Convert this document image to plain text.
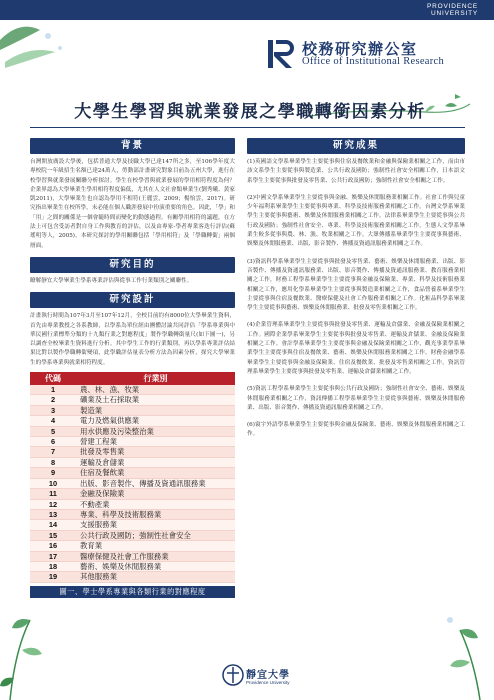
PROVIDENCE
UNIVERSITY
校務研究辦公室
Office of Institutional Research
大學生學習與就業發展之學職轉銜因素分析
背景
台灣開放廣設大學後，包括普通大學及技職大學已達147所之多，至106學年度大專校院一年級招生名額已達24萬人，勞動部計畫研究對象目前為五州大學，進行在校學習與就業發展關聯分析探討。學生在校學習與就業發展的學用相符程度為何？企業界認為大學畢業生學用相符程度偏低，尤其在人文社會類畢業生(劉秀曦、黃家凱2011)，大學畢業生也自認為學用不相符(王麗雲，2009；楊怡雲，2017)。研究指出畢業生在校所學，未必能在個人職涯發展中扮演重要的角色。因此，「學」和「用」之間的關係是一個會隨時間而變化的動態過程。有關學用相符的議題，在方法上可包含受訪者對自身工作與教育的評估，以及由專家-學者專業客迭行評估(蘇瑤明等人，2005)。本研究探討的學用關聯包括「學用相符」及「學職轉銜」兩個層面。
研究目的
瞭解靜宜大學畢業生學系專業評估與從事工作行業類別之關聯性。
研究設計
計畫執行時間為107年3月至107年12月，全校目前約有8000位大學畢業生資料，首先由專業教授之各系教師，以學系為單位經由團體討論共同評估「學系專業與中華民國行業標準分類的十九類行業之對應程度」製作學職轉銜量尺(如下圖一)，另以調查全校畢業生資料進行分析。其中學生工作的行業類別，再以學系專業評估結果比對以製作學職轉銜變項，此學職評估量表分析方法為因素分析，探究大學畢業生的學系專業與就業相符程度。
代碼	行業別
1	農、林、漁、牧業
2	礦業及土石採取業
3	製造業
4	電力及燃氣供應業
5	用水供應及污染整治業
6	營建工程業
7	批發及零售業
8	運輸及倉儲業
9	住宿及餐飲業
10	出版、影音製作、傳播及資通訊服務業
11	金融及保險業
12	不動產業
13	專業、科學及技術服務業
14	支援服務業
15	公共行政及國防；強制性社會安全
16	教育業
17	醫療保健及社會工作服務業
18	藝術、娛樂及休閒服務業
19	其他服務業
圖一、學士學系專業與各類行業的對應程度
研究成果
(1)英國語文學系畢業學生主要從事與住宿及餐飲業和金融與保險業相關之工作，而由市該文系學生主要從事與製造業、公共行政及國防；強制性社會安全相關工作，日本語文系學生主要從事與批發及零售業、公共行政及國防；強制性社會安全相關之工作。
(2)中國文學系畢業學生主要從事與金融、娛樂及休閒服務業相關工作。社會工作與兒童少年福利系畢業學生主要從事與專業、科學及技術服務業相關之工作。台灣文學系畢業學生主要從事與藝術、娛樂及休閒服務業相關之工作。法律系畢業學生主要從事與公共行政及國防；強制性社會安全、專業、科學及技術服務業相關之工作。生態人文學系畢業生較多從事與農、林、漁、牧業相關之工作。大眾傳播系畢業學生主要從事與藝術、娛樂及休閒服務業、出版、影音製作、傳播及資通訊服務業相關之工作。
(3)資訊科學系畢業學生主要從事與批發及零售業、藝術、娛樂及休閒服務業、出版、影音製作、傳播及資通訊服務業、出版、影音製作、傳播及資通訊服務業、教育服務業相關之工作，財務工程學系畢業學生主要從事與金融及保險業、專業、科學及技術服務業相關之工作，應用化學系畢業學生主要從事與製造業相關之工作，食品營養系畢業學生主要從事與住宿及餐飲業、醫療保健及社會工作服務業相關之工作。化粧品科學系畢業學生主要從事與藝術、娛樂及休閒服務業、批發及零售業相關之工作。
(4)企業管理系畢業學生主要從事與批發及零售業、運輸及倉儲業、金融及保險業相關之工作。國際企業學系畢業學生主要從事與批發及零售業、運輸及倉儲業、金融及保險業相關之工作。會計學系畢業學生主要從事與金融及保險業相關之工作，觀光事業學系畢業學生主要從事與住宿及餐飲業、藝術、娛樂及休閒服務業相關之工作。財務金融學系畢業學生主要從事與金融及保險業、住宿及餐飲業、批發及零售業相關之工作，資訊管理系畢業學生主要從事與批發及零售業、運輸及倉儲業相關之工作。
(5)資訊工程學系畢業學生主要從事與公共行政及國防；強制性社會安全、藝術、娛樂及休閒服務業相關之工作，資訊傳播工程學系畢業學生主要從事與藝術、娛樂及休閒服務業、出版、影音製作、傳播及資通訊服務業相關之工作。
(6)寰宇外語學系畢業學生主要從事與金融及保險業、藝術、娛樂及休閒服務業相關之工作。
靜宜大學
Providence University
